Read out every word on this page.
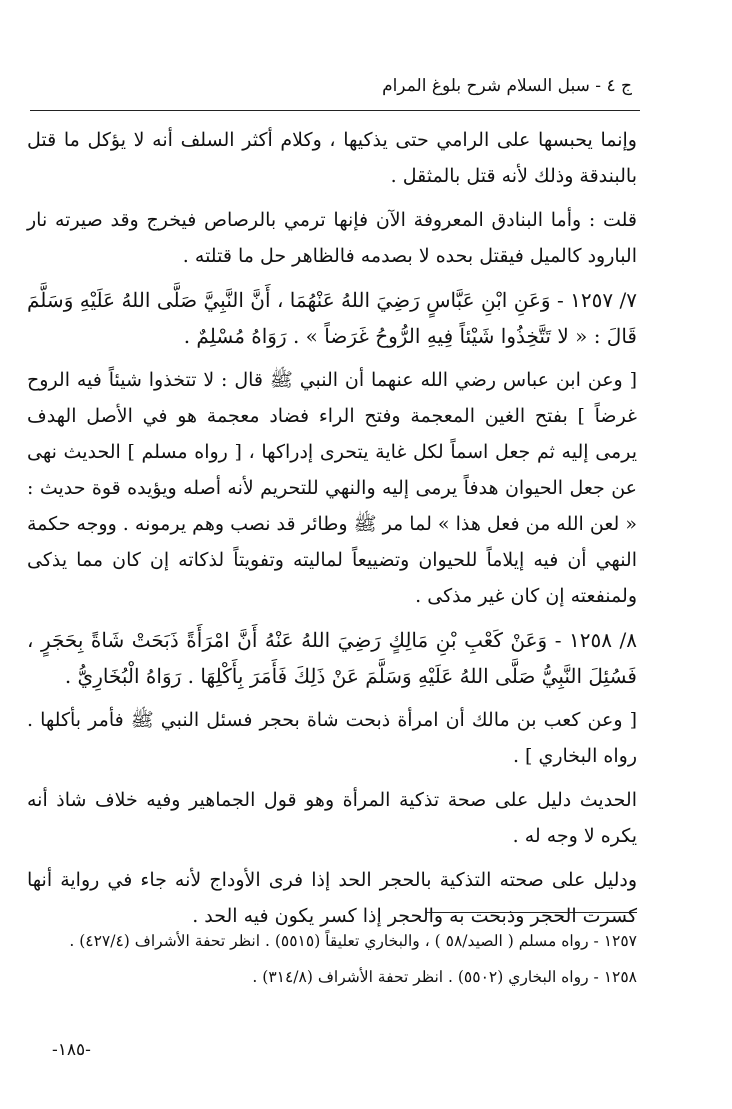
ج ٤ - سبل السلام شرح بلوغ المرام

وإنما يحبسها على الرامي حتى يذكيها ، وكلام أكثر السلف أنه لا يؤكل ما قتل بالبندقة وذلك لأنه قتل بالمثقل .

قلت : وأما البنادق المعروفة الآن فإنها ترمي بالرصاص فيخرج وقد صيرته نار البارود كالميل فيقتل بحده لا بصدمه فالظاهر حل ما قتلته .

٧/ ١٢٥٧ - وَعَنِ ابْنِ عَبَّاسٍ رَضِيَ اللهُ عَنْهُمَا ، أَنَّ النَّبِيَّ صَلَّى اللهُ عَلَيْهِ وَسَلَّمَ قَالَ : « لا تَتَّخِذُوا شَيْئاً فِيهِ الرُّوحُ غَرَضاً » . رَوَاهُ مُسْلِمٌ .

[ وعن ابن عباس رضي الله عنهما أن النبي ﷺ قال : لا تتخذوا شيئاً فيه الروح غرضاً ] بفتح الغين المعجمة وفتح الراء فضاد معجمة هو في الأصل الهدف يرمى إليه ثم جعل اسماً لكل غاية يتحرى إدراكها ، [ رواه مسلم ] الحديث نهى عن جعل الحيوان هدفاً يرمى إليه والنهي للتحريم لأنه أصله ويؤيده قوة حديث : « لعن الله من فعل هذا » لما مر ﷺ وطائر قد نصب وهم يرمونه . ووجه حكمة النهي أن فيه إيلاماً للحيوان وتضييعاً لماليته وتفويتاً لذكاته إن كان مما يذكى ولمنفعته إن كان غير مذكى .

٨/ ١٢٥٨ - وَعَنْ كَعْبِ بْنِ مَالِكٍ رَضِيَ اللهُ عَنْهُ أَنَّ امْرَأَةً ذَبَحَتْ شَاةً بِحَجَرٍ ، فَسُئِلَ النَّبِيُّ صَلَّى اللهُ عَلَيْهِ وَسَلَّمَ عَنْ ذَلِكَ فَأَمَرَ بِأَكْلِهَا . رَوَاهُ الْبُخَارِيُّ .

[ وعن كعب بن مالك أن امرأة ذبحت شاة بحجر فسئل النبي ﷺ فأمر بأكلها . رواه البخاري ] .

الحديث دليل على صحة تذكية المرأة وهو قول الجماهير وفيه خلاف شاذ أنه يكره لا وجه له .

ودليل على صحته التذكية بالحجر الحد إذا فرى الأوداج لأنه جاء في رواية أنها كسرت الحجر وذبحت به والحجر إذا كسر يكون فيه الحد .

١٢٥٧ - رواه مسلم ( الصيد/٥٨ ) ، والبخاري تعليقاً (٥٥١٥) . انظر تحفة الأشراف (٤٢٧/٤) .

١٢٥٨ - رواه البخاري (٥٥٠٢) . انظر تحفة الأشراف (٣١٤/٨) .

-١٨٥-
